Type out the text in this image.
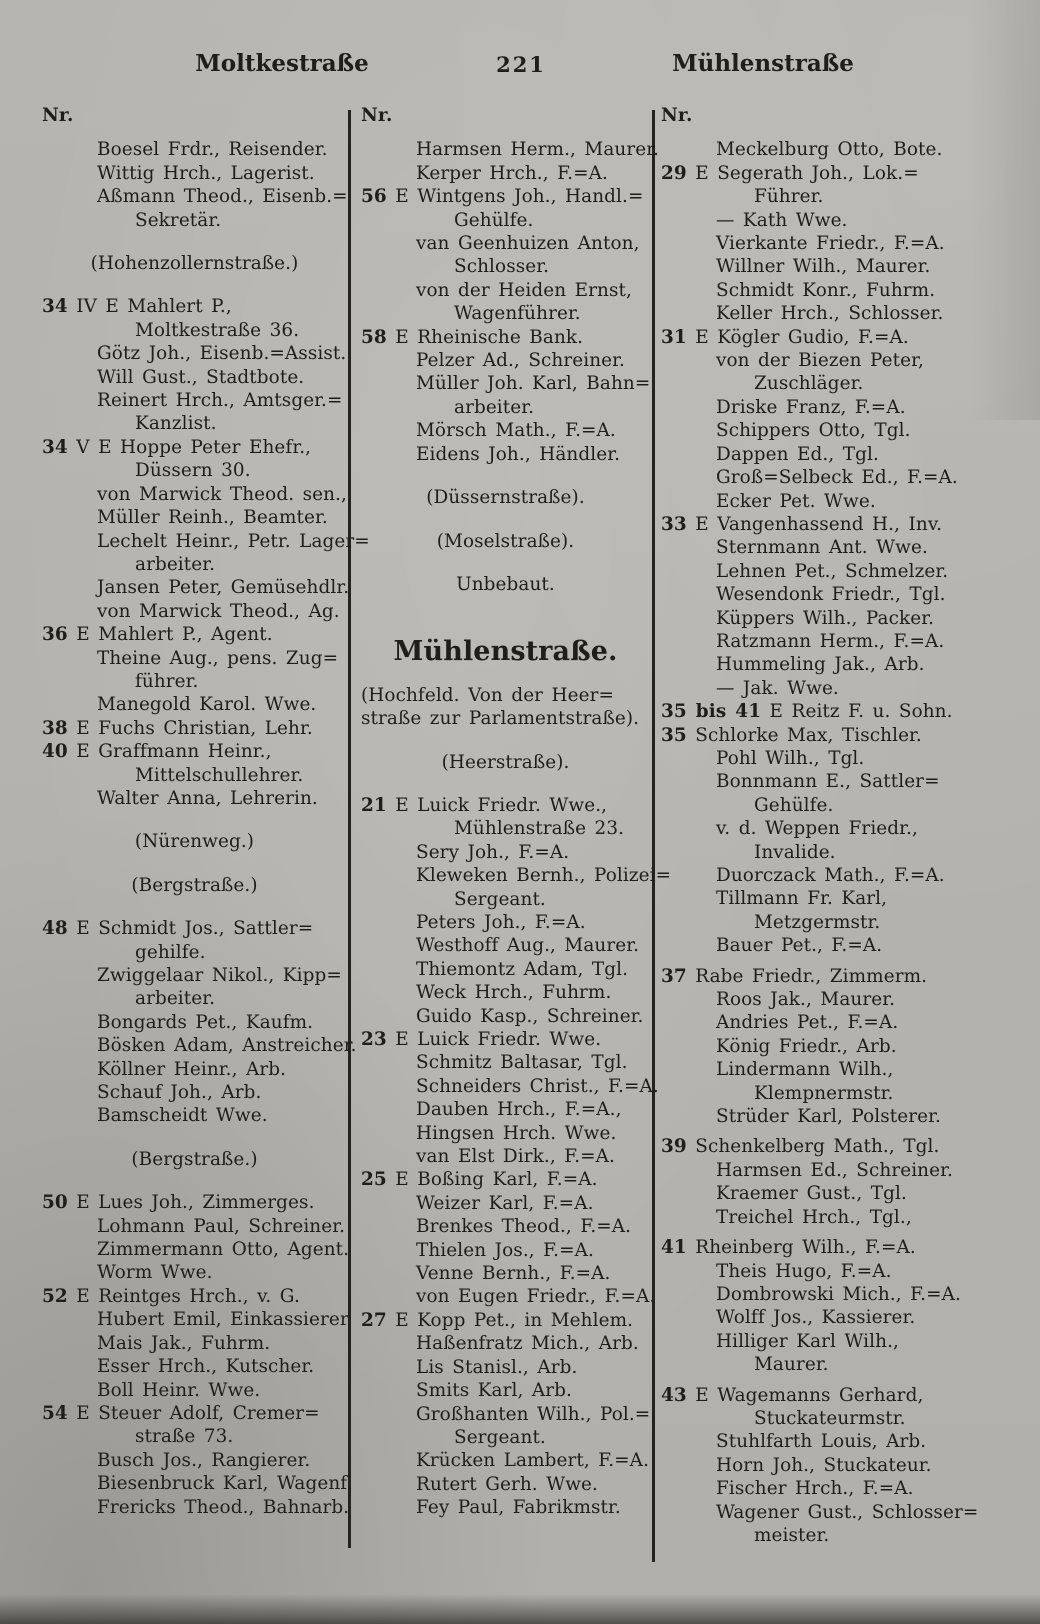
Moltkestraße	221	Mühlenstraße
Nr.
Boesel Frdr., Reisender.
Wittig Hrch., Lagerist.
Aßmann Theod., Eisenb.=
Sekretär.
(Hohenzollernstraße.)
34 IV E Mahlert P.,
Moltkestraße 36.
Götz Joh., Eisenb.=Assist.
Will Gust., Stadtbote.
Reinert Hrch., Amtsger.=
Kanzlist.
34 V E Hoppe Peter Ehefr.,
Düssern 30.
von Marwick Theod. sen.,
Müller Reinh., Beamter.
Lechelt Heinr., Petr. Lager=
arbeiter.
Jansen Peter, Gemüsehdlr.
von Marwick Theod., Ag.
36 E Mahlert P., Agent.
Theine Aug., pens. Zug=
führer.
Manegold Karol. Wwe.
38 E Fuchs Christian, Lehr.
40 E Graffmann Heinr.,
Mittelschullehrer.
Walter Anna, Lehrerin.
(Nürenweg.)
(Bergstraße.)
48 E Schmidt Jos., Sattler=
gehilfe.
Zwiggelaar Nikol., Kipp=
arbeiter.
Bongards Pet., Kaufm.
Bösken Adam, Anstreicher.
Köllner Heinr., Arb.
Schauf Joh., Arb.
Bamscheidt Wwe.
(Bergstraße.)
50 E Lues Joh., Zimmerges.
Lohmann Paul, Schreiner.
Zimmermann Otto, Agent.
Worm Wwe.
52 E Reintges Hrch., v. G.
Hubert Emil, Einkassierer.
Mais Jak., Fuhrm.
Esser Hrch., Kutscher.
Boll Heinr. Wwe.
54 E Steuer Adolf, Cremer=
straße 73.
Busch Jos., Rangierer.
Biesenbruck Karl, Wagenf.
Frericks Theod., Bahnarb.
Nr.
Harmsen Herm., Maurer.
Kerper Hrch., F.=A.
56 E Wintgens Joh., Handl.=
Gehülfe.
van Geenhuizen Anton,
Schlosser.
von der Heiden Ernst,
Wagenführer.
58 E Rheinische Bank.
Pelzer Ad., Schreiner.
Müller Joh. Karl, Bahn=
arbeiter.
Mörsch Math., F.=A.
Eidens Joh., Händler.
(Düssernstraße).
(Moselstraße).
Unbebaut.
Mühlenstraße.
(Hochfeld. Von der Heer=
straße zur Parlamentstraße).
(Heerstraße).
21 E Luick Friedr. Wwe.,
Mühlenstraße 23.
Sery Joh., F.=A.
Kleweken Bernh., Polizei=
Sergeant.
Peters Joh., F.=A.
Westhoff Aug., Maurer.
Thiemontz Adam, Tgl.
Weck Hrch., Fuhrm.
Guido Kasp., Schreiner.
23 E Luick Friedr. Wwe.
Schmitz Baltasar, Tgl.
Schneiders Christ., F.=A.
Dauben Hrch., F.=A.,
Hingsen Hrch. Wwe.
van Elst Dirk., F.=A.
25 E Boßing Karl, F.=A.
Weizer Karl, F.=A.
Brenkes Theod., F.=A.
Thielen Jos., F.=A.
Venne Bernh., F.=A.
von Eugen Friedr., F.=A.
27 E Kopp Pet., in Mehlem.
Haßenfratz Mich., Arb.
Lis Stanisl., Arb.
Smits Karl, Arb.
Großhanten Wilh., Pol.=
Sergeant.
Krücken Lambert, F.=A.
Rutert Gerh. Wwe.
Fey Paul, Fabrikmstr.
Nr.
Meckelburg Otto, Bote.
29 E Segerath Joh., Lok.=
Führer.
— Kath Wwe.
Vierkante Friedr., F.=A.
Willner Wilh., Maurer.
Schmidt Konr., Fuhrm.
Keller Hrch., Schlosser.
31 E Kögler Gudio, F.=A.
von der Biezen Peter,
Zuschläger.
Driske Franz, F.=A.
Schippers Otto, Tgl.
Dappen Ed., Tgl.
Groß=Selbeck Ed., F.=A.
Ecker Pet. Wwe.
33 E Vangenhassend H., Inv.
Sternmann Ant. Wwe.
Lehnen Pet., Schmelzer.
Wesendonk Friedr., Tgl.
Küppers Wilh., Packer.
Ratzmann Herm., F.=A.
Hummeling Jak., Arb.
— Jak. Wwe.
35 bis 41 E Reitz F. u. Sohn.
35 Schlorke Max, Tischler.
Pohl Wilh., Tgl.
Bonnmann E., Sattler=
Gehülfe.
v. d. Weppen Friedr.,
Invalide.
Duorczack Math., F.=A.
Tillmann Fr. Karl,
Metzgermstr.
Bauer Pet., F.=A.
37 Rabe Friedr., Zimmerm.
Roos Jak., Maurer.
Andries Pet., F.=A.
König Friedr., Arb.
Lindermann Wilh.,
Klempnermstr.
Strüder Karl, Polsterer.
39 Schenkelberg Math., Tgl.
Harmsen Ed., Schreiner.
Kraemer Gust., Tgl.
Treichel Hrch., Tgl.,
41 Rheinberg Wilh., F.=A.
Theis Hugo, F.=A.
Dombrowski Mich., F.=A.
Wolff Jos., Kassierer.
Hilliger Karl Wilh.,
Maurer.
43 E Wagemanns Gerhard,
Stuckateurmstr.
Stuhlfarth Louis, Arb.
Horn Joh., Stuckateur.
Fischer Hrch., F.=A.
Wagener Gust., Schlosser=
meister.
